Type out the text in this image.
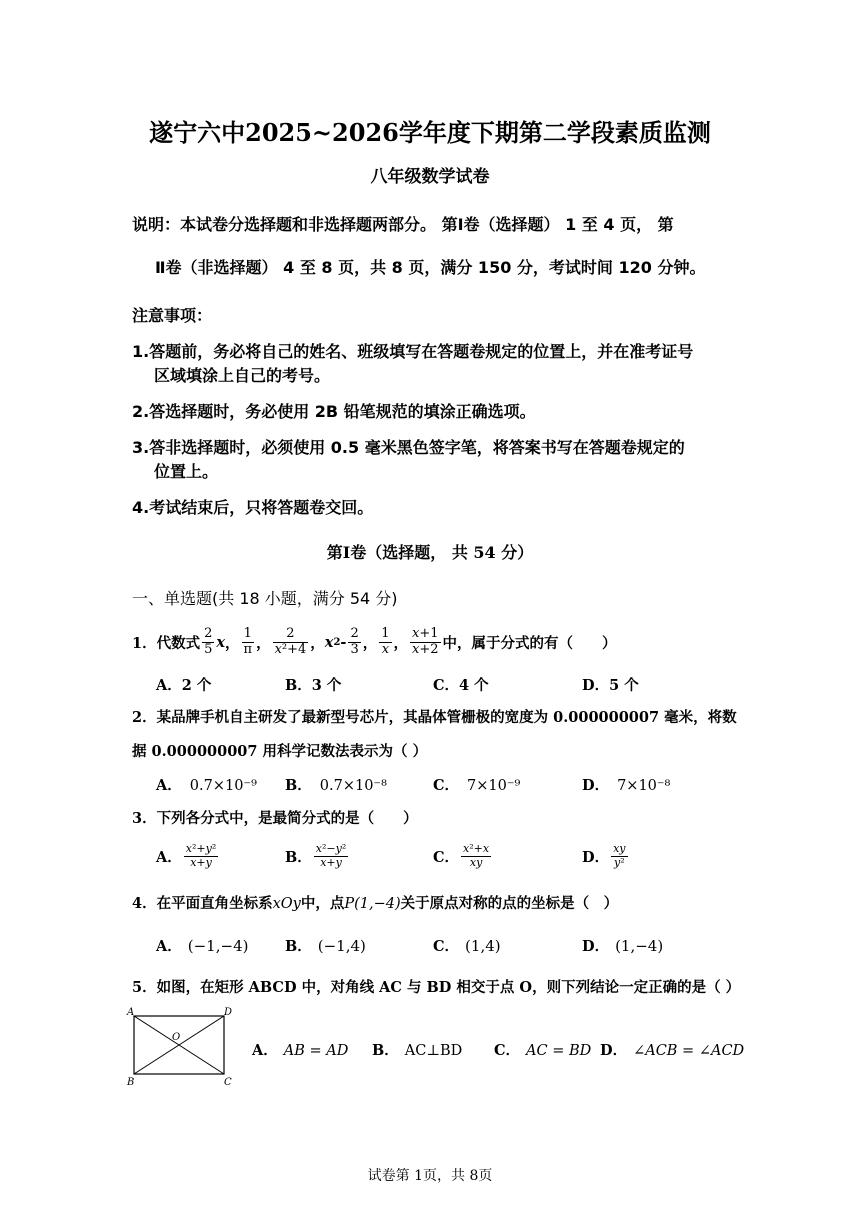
遂宁六中2025~2026学年度下期第二学段素质监测
八年级数学试卷
说明：本试卷分选择题和非选择题两部分。 第Ⅰ卷（选择题） 1 至 4 页， 第
Ⅱ卷（非选择题） 4 至 8 页，共 8 页，满分 150 分，考试时间 120 分钟。
注意事项：
1.答题前，务必将自己的姓名、班级填写在答题卷规定的位置上，并在准考证号
区域填涂上自己的考号。
2.答选择题时，务必使用 2B 铅笔规范的填涂正确选项。
3.答非选择题时，必须使用 0.5 毫米黑色签字笔，将答案书写在答题卷规定的
位置上。
4.考试结束后，只将答题卷交回。
第Ⅰ卷（选择题， 共 54 分）
一、单选题(共 18 小题，满分 54 分)
1．代数式 $\frac{2}{5}$ x ， $\frac{1}{\pi}$ ， $\frac{2}{\text{x²+4}}$ ， x $2 - \frac{2}{3}$ ， $\frac{1}{x}$ ， $\frac{x+1}{x+2}$ 中，属于分式的有（　　）
A．2 个	B．3 个	C．4 个	D．5 个
2．某品牌手机自主研发了最新型号芯片，其晶体管栅极的宽度为 0.000000007 毫米，将数
据 0.000000007 用科学记数法表示为（ ）
A． 0.7×10⁻⁹ B． 0.7×10⁻⁸	C． 7×10⁻⁹	D． 7×10⁻⁸
3．下列各分式中，是最简分式的是（　　）
A． $\frac{\text{x²+y²}}{x+y}$	B． $\frac{\text{x²−y²}}{x+y}$	C． $\frac{\text{x²+x}}{xy}$	D． $\frac{xy}{\text{y²}}$
4．在平面直角坐标系xOy中，点P(1,−4)关于原点对称的点的坐标是（　）
A． (−1,−4)	B． (−1,4)	C． (1,4)	D． (1,−4)
5．如图，在矩形 ABCD 中，对角线 AC 与 BD 相交于点 O，则下列结论一定正确的是（ ）
A	D
O
B	C
A． AB = AD B． AC⊥BD C． AC = BD D． ∠ACB = ∠ACD
试卷第 1页，共 8页
